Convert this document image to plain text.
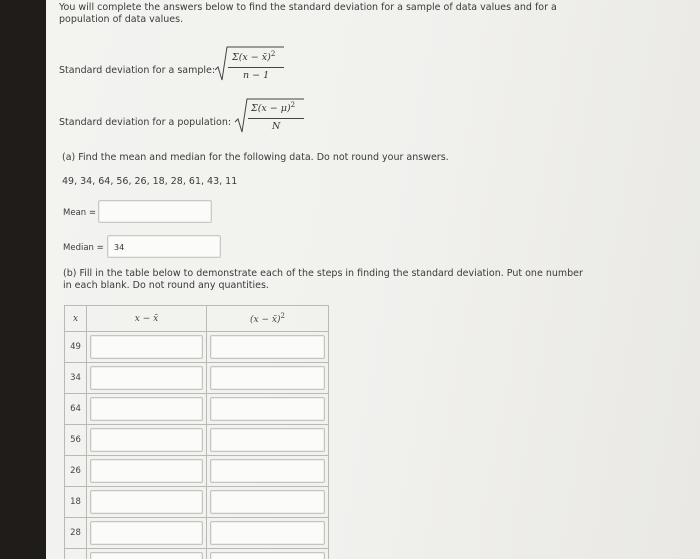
You will complete the answers below to find the standard deviation for a sample of data values and for a population of data values.
Standard deviation for a sample:
Σ(x − x̄)$^2$
n − 1
Standard deviation for a population:
$\Sigma(x - \mu)^2$
N
(a) Find the mean and median for the following data. Do not round your answers.
49, 34, 64, 56, 26, 18, 28, 61, 43, 11
Mean =
Median =	34
(b) Fill in the table below to demonstrate each of the steps in finding the standard deviation. Put one number in each blank. Do not round any quantities.
x	x − x̄	(x − x̄)$^2$
49	

34	

64	

56	

26	

18	

28	
